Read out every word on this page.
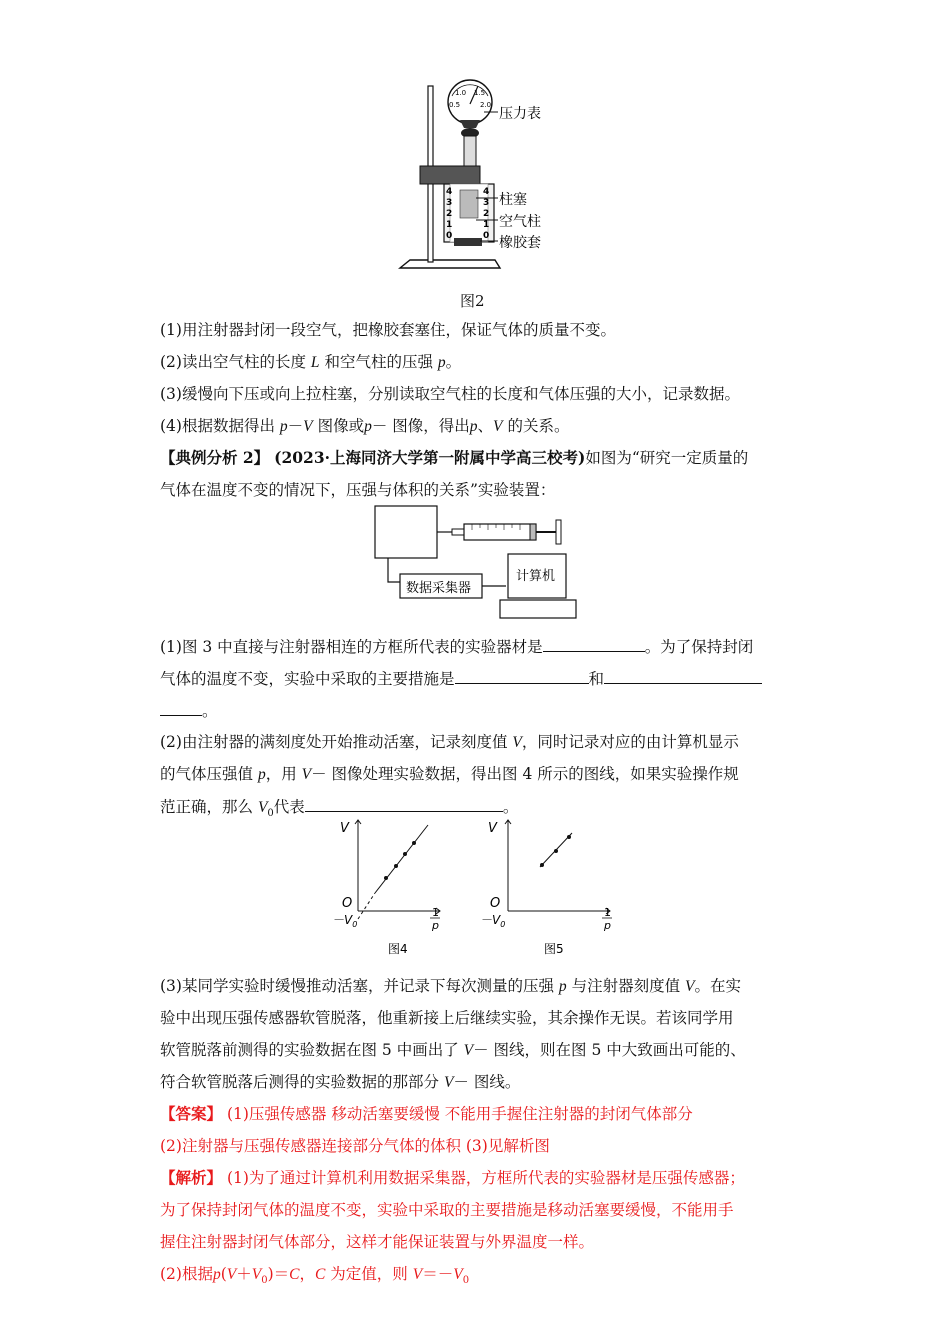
1.0 1.5
0.5	2.0
4
3
2
1
0
4
3
2
1
0
压力表
柱塞
空气柱
橡胶套
图2
(1)用注射器封闭一段空气，把橡胶套塞住，保证气体的质量不变。
(2)读出空气柱的长度 L 和空气柱的压强 p。
(3)缓慢向下压或向上拉柱塞，分别读取空气柱的长度和气体压强的大小，记录数据。
(4)根据数据得出 p－V 图像或p－ 图像，得出p、V 的关系。
【典例分析 2】 (2023·上海同济大学第一附属中学高三校考)如图为“研究一定质量的
气体在温度不变的情况下，压强与体积的关系”实验装置：
数据采集器
计算机
(1)图 3 中直接与注射器相连的方框所代表的实验器材是	。为了保持封闭
气体的温度不变，实验中采取的主要措施是	和
。
(2)由注射器的满刻度处开始推动活塞，记录刻度值 V，同时记录对应的由计算机显示
的气体压强值 p，用 V－ 图像处理实验数据，得出图 4 所示的图线，如果实验操作规
范正确，那么 $V_0$代表	。
V
O
$-V_0$
1
p
图4
V
O
$-V_0$
1
p
图5
(3)某同学实验时缓慢推动活塞，并记录下每次测量的压强 p 与注射器刻度值 V。在实
验中出现压强传感器软管脱落，他重新接上后继续实验，其余操作无误。若该同学用
软管脱落前测得的实验数据在图 5 中画出了 V－ 图线，则在图 5 中大致画出可能的、
符合软管脱落后测得的实验数据的那部分 V－ 图线。
【答案】 (1)压强传感器 移动活塞要缓慢 不能用手握住注射器的封闭气体部分
(2)注射器与压强传感器连接部分气体的体积 (3)见解析图
【解析】 (1)为了通过计算机利用数据采集器，方框所代表的实验器材是压强传感器；
为了保持封闭气体的温度不变，实验中采取的主要措施是移动活塞要缓慢，不能用手
握住注射器封闭气体部分，这样才能保证装置与外界温度一样。
(2)根据$p(V+V_0)=C$，C 为定值，则 $V=-V_0$
